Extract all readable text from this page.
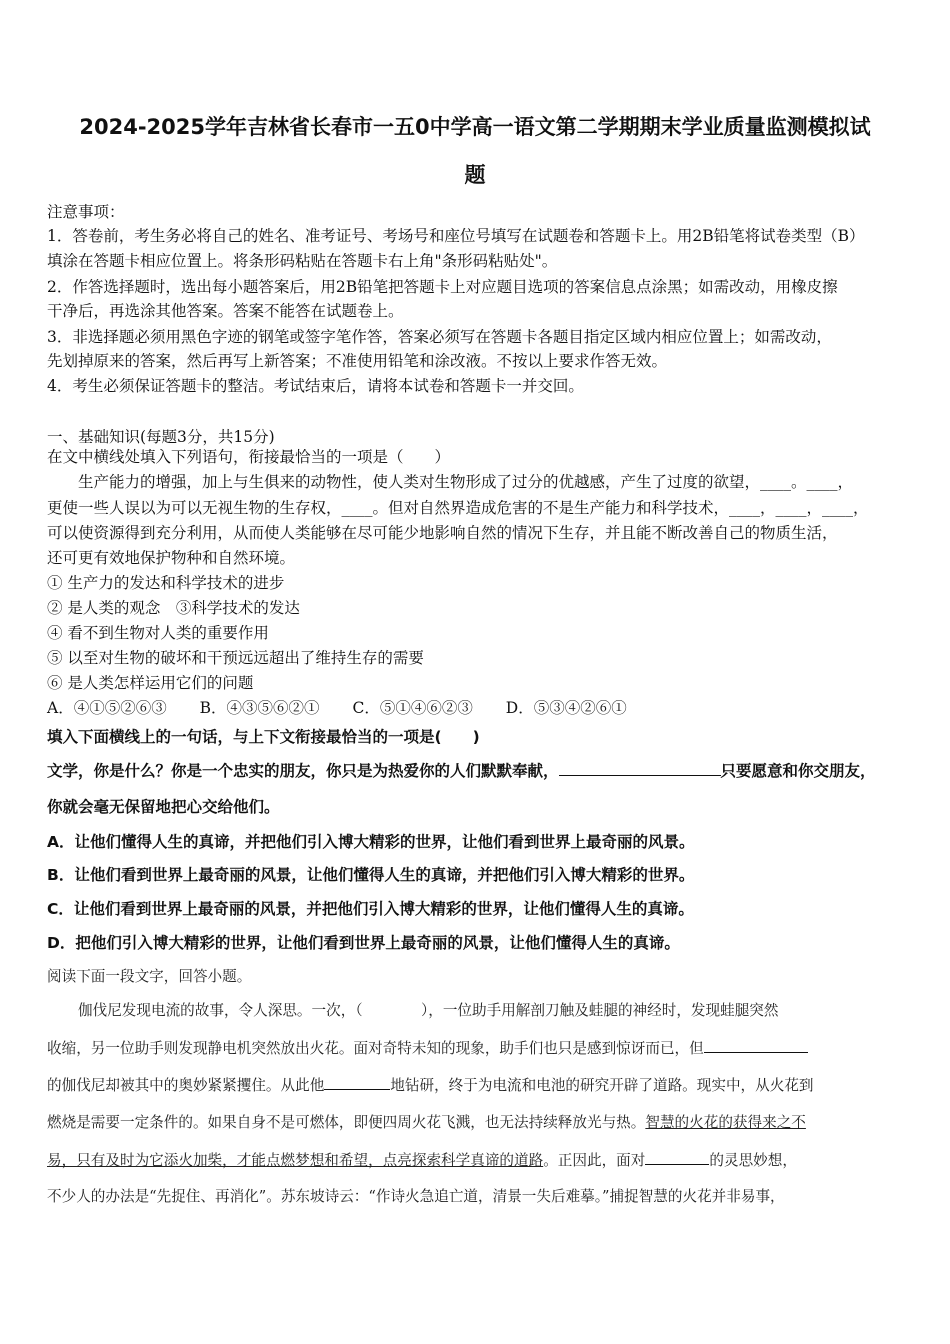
2024-2025学年吉林省长春市一五0中学高一语文第二学期期末学业质量监测模拟试
题
注意事项：
1．答卷前，考生务必将自己的姓名、准考证号、考场号和座位号填写在试题卷和答题卡上。用2B铅笔将试卷类型（B）
填涂在答题卡相应位置上。将条形码粘贴在答题卡右上角"条形码粘贴处"。
2．作答选择题时，选出每小题答案后，用2B铅笔把答题卡上对应题目选项的答案信息点涂黑；如需改动，用橡皮擦
干净后，再选涂其他答案。答案不能答在试题卷上。
3．非选择题必须用黑色字迹的钢笔或签字笔作答，答案必须写在答题卡各题目指定区域内相应位置上；如需改动，
先划掉原来的答案，然后再写上新答案；不准使用铅笔和涂改液。不按以上要求作答无效。
4．考生必须保证答题卡的整洁。考试结束后，请将本试卷和答题卡一并交回。
一、基础知识(每题3分，共15分)
在文中横线处填入下列语句，衔接最恰当的一项是（　　）
生产能力的增强，加上与生俱来的动物性，使人类对生物形成了过分的优越感，产生了过度的欲望，____。____，
更使一些人误以为可以无视生物的生存权，____。但对自然界造成危害的不是生产能力和科学技术，____，____，____，
可以使资源得到充分利用，从而使人类能够在尽可能少地影响自然的情况下生存，并且能不断改善自己的物质生活，
还可更有效地保护物种和自然环境。
① 生产力的发达和科学技术的进步
② 是人类的观念　③科学技术的发达
④ 看不到生物对人类的重要作用
⑤ 以至对生物的破坏和干预远远超出了维持生存的需要
⑥ 是人类怎样运用它们的问题
A．④①⑤②⑥③ B．④③⑤⑥②① C．⑤①④⑥②③ D．⑤③④②⑥①
填入下面横线上的一句话，与上下文衔接最恰当的一项是(　　)
文学，你是什么？你是一个忠实的朋友，你只是为热爱你的人们默默奉献，	只要愿意和你交朋友，
你就会毫无保留地把心交给他们。
A．让他们懂得人生的真谛，并把他们引入博大精彩的世界，让他们看到世界上最奇丽的风景。
B．让他们看到世界上最奇丽的风景，让他们懂得人生的真谛，并把他们引入博大精彩的世界。
C．让他们看到世界上最奇丽的风景，并把他们引入博大精彩的世界，让他们懂得人生的真谛。
D．把他们引入博大精彩的世界，让他们看到世界上最奇丽的风景，让他们懂得人生的真谛。
阅读下面一段文字，回答小题。
伽伐尼发现电流的故事，令人深思。一次，（　　　　），一位助手用解剖刀触及蛙腿的神经时，发现蛙腿突然
收缩，另一位助手则发现静电机突然放出火花。面对奇特未知的现象，助手们也只是感到惊讶而已，但
的伽伐尼却被其中的奥妙紧紧攫住。从此他	地钻研，终于为电流和电池的研究开辟了道路。现实中，从火花到
燃烧是需要一定条件的。如果自身不是可燃体，即便四周火花飞溅，也无法持续释放光与热。智慧的火花的获得来之不
易，只有及时为它添火加柴，才能点燃梦想和希望，点亮探索科学真谛的道路。正因此，面对	的灵思妙想，
不少人的办法是“先捉住、再消化”。苏东坡诗云：“作诗火急追亡道，清景一失后难摹。”捕捉智慧的火花并非易事，
